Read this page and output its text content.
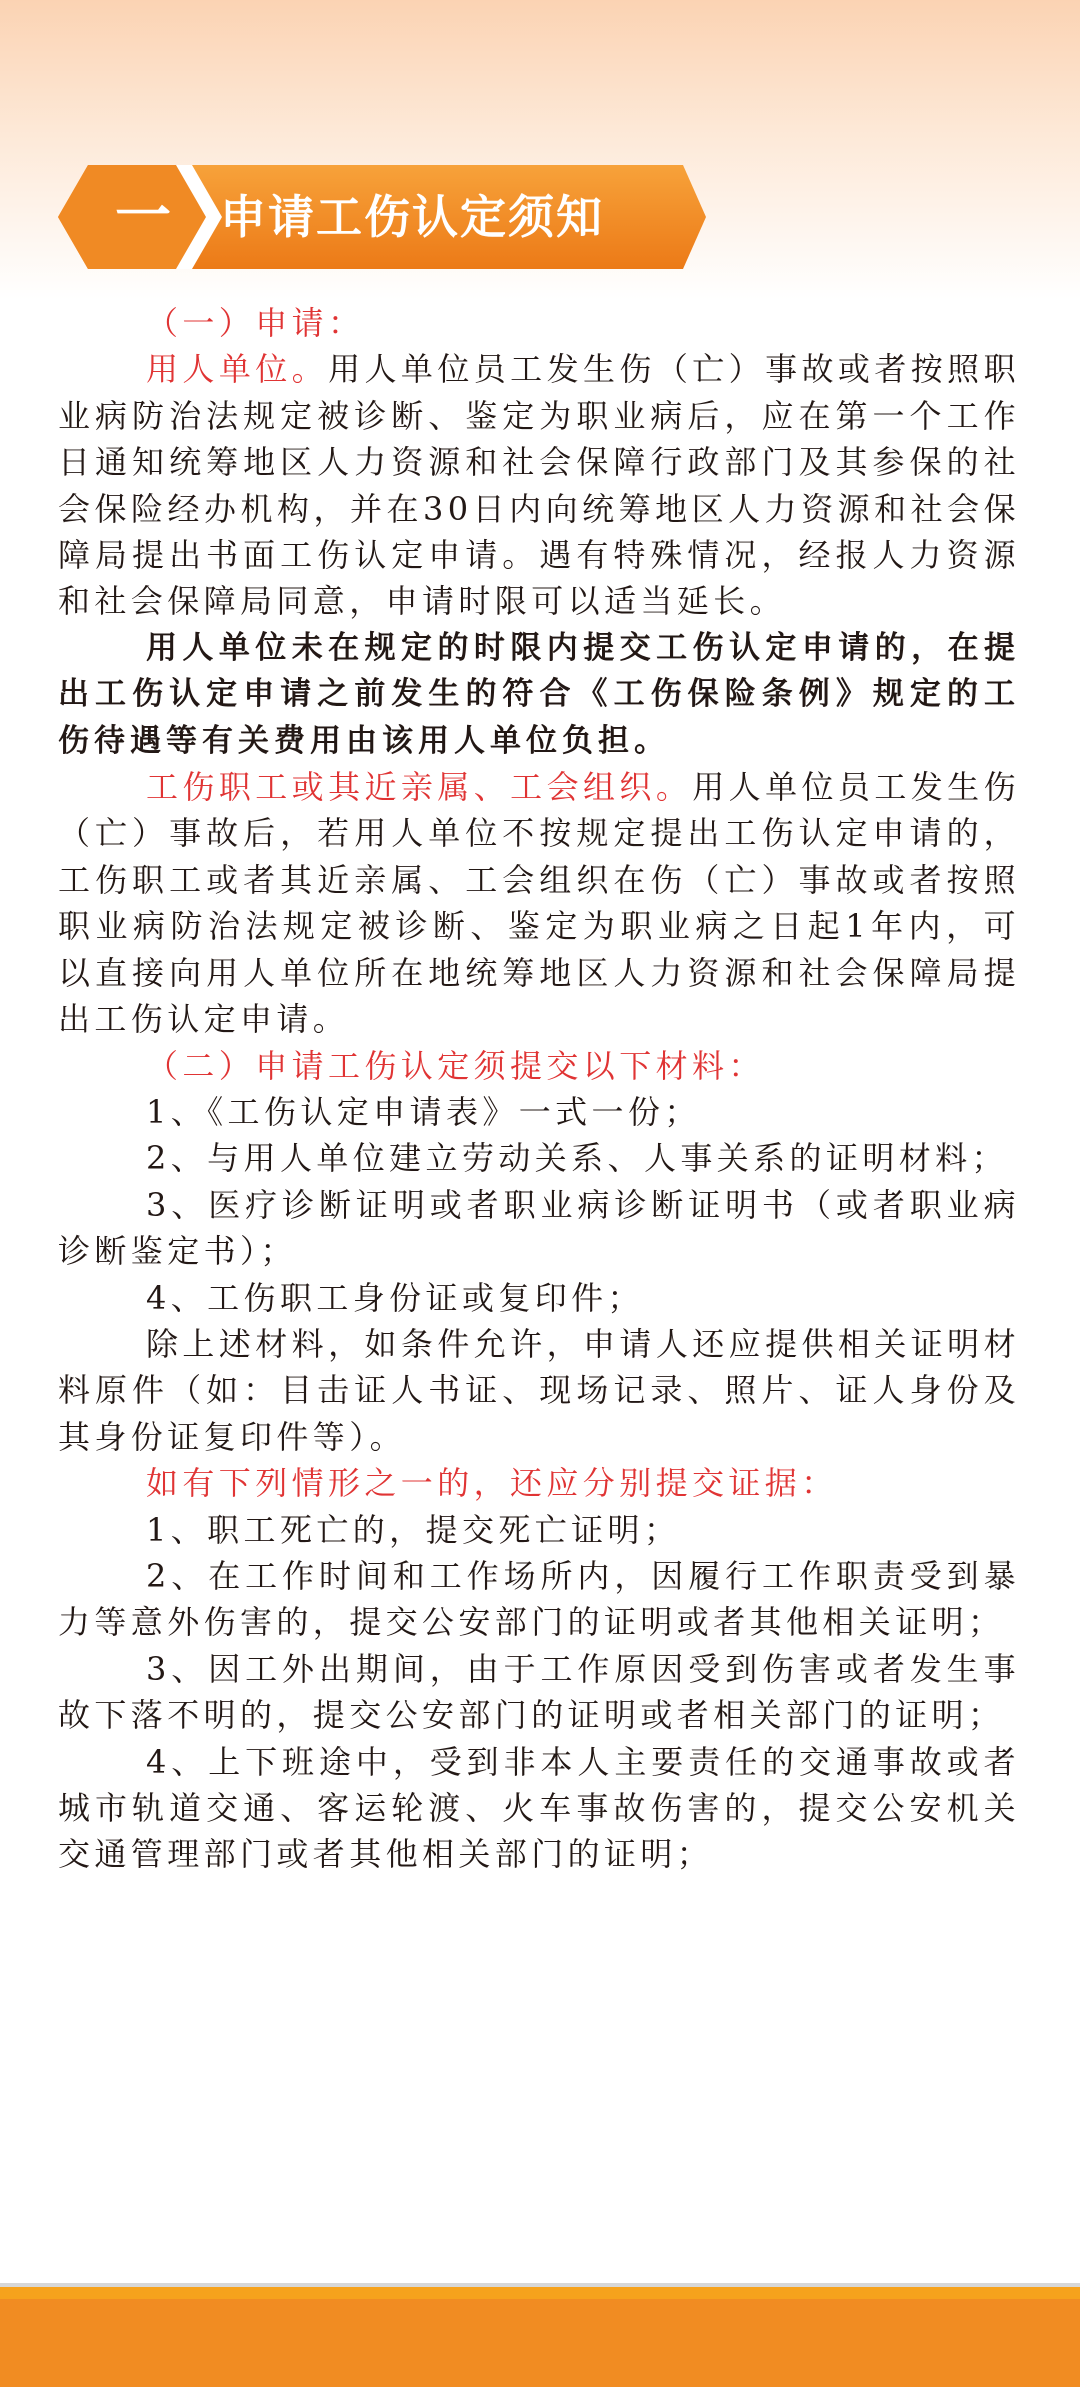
一	申请工伤认定须知

（一）申请：

用人单位。用人单位员工发生伤（亡）事故或者按照职业病防治法规定被诊断、鉴定为职业病后，应在第一个工作日通知统筹地区人力资源和社会保障行政部门及其参保的社会保险经办机构，并在30日内向统筹地区人力资源和社会保障局提出书面工伤认定申请。遇有特殊情况，经报人力资源和社会保障局同意，申请时限可以适当延长。

用人单位未在规定的时限内提交工伤认定申请的，在提出工伤认定申请之前发生的符合《工伤保险条例》规定的工伤待遇等有关费用由该用人单位负担。

工伤职工或其近亲属、工会组织。用人单位员工发生伤（亡）事故后，若用人单位不按规定提出工伤认定申请的，工伤职工或者其近亲属、工会组织在伤（亡）事故或者按照职业病防治法规定被诊断、鉴定为职业病之日起1年内，可以直接向用人单位所在地统筹地区人力资源和社会保障局提出工伤认定申请。

（二）申请工伤认定须提交以下材料：

1、《工伤认定申请表》一式一份；

2、与用人单位建立劳动关系、人事关系的证明材料；

3、医疗诊断证明或者职业病诊断证明书（或者职业病诊断鉴定书）；

4、工伤职工身份证或复印件；

除上述材料，如条件允许，申请人还应提供相关证明材料原件（如：目击证人书证、现场记录、照片、证人身份及其身份证复印件等）。

如有下列情形之一的，还应分别提交证据：

1、职工死亡的，提交死亡证明；

2、在工作时间和工作场所内，因履行工作职责受到暴力等意外伤害的，提交公安部门的证明或者其他相关证明；

3、因工外出期间，由于工作原因受到伤害或者发生事故下落不明的，提交公安部门的证明或者相关部门的证明；

4、上下班途中，受到非本人主要责任的交通事故或者城市轨道交通、客运轮渡、火车事故伤害的，提交公安机关交通管理部门或者其他相关部门的证明；
